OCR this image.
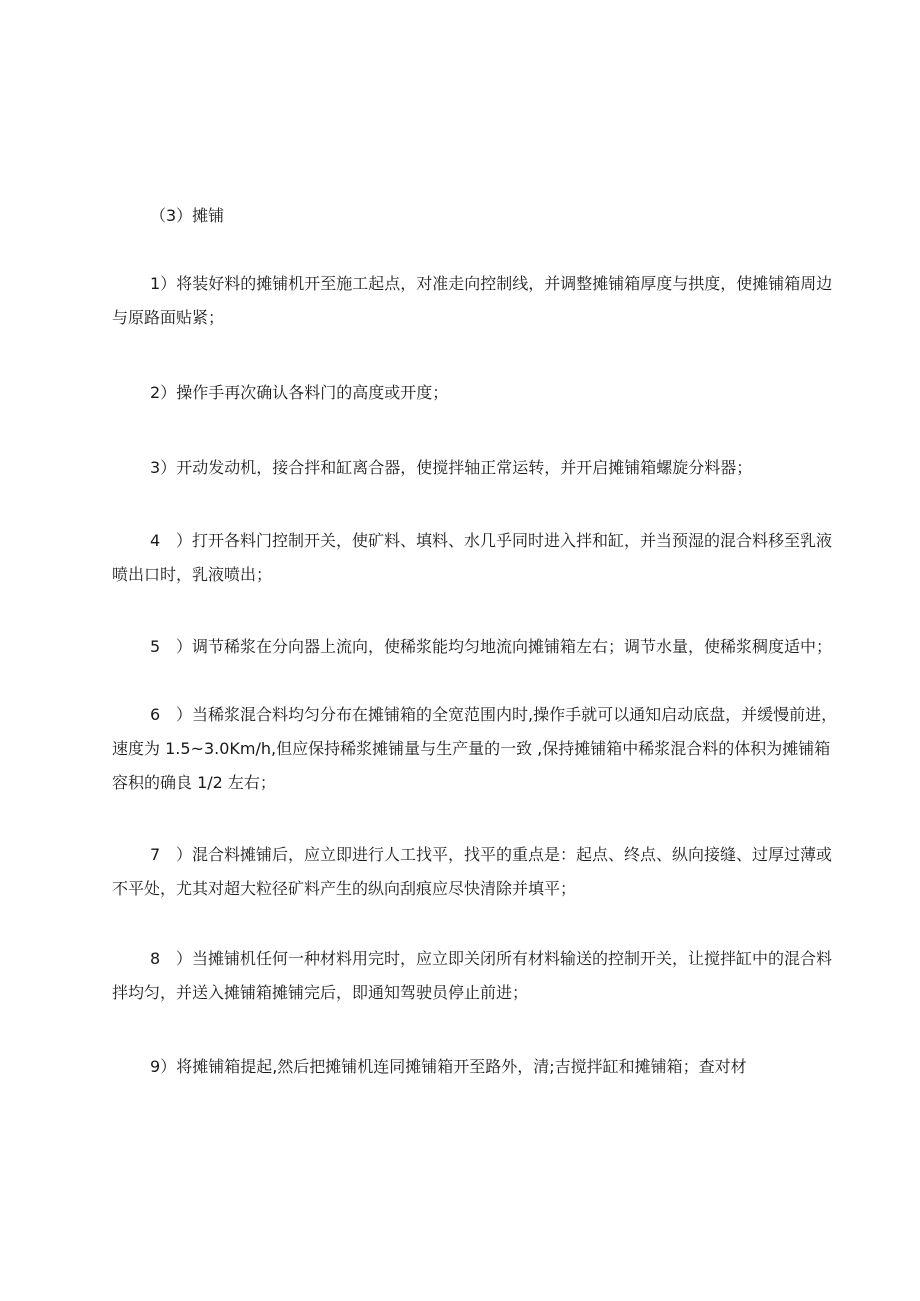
（3）摊铺
1）将装好料的摊铺机开至施工起点，对准走向控制线，并调整摊铺箱厚度与拱度，使摊铺箱周边
与原路面贴紧；
2）操作手再次确认各料门的高度或开度；
3）开动发动机，接合拌和缸离合器，使搅拌轴正常运转，并开启摊铺箱螺旋分料器；
4 ）打开各料门控制开关，使矿料、填料、水几乎同时进入拌和缸，并当预湿的混合料移至乳液
喷出口时，乳液喷出；
5 ）调节稀浆在分向器上流向，使稀浆能均匀地流向摊铺箱左右；调节水量，使稀浆稠度适中；
6 ）当稀浆混合料均匀分布在摊铺箱的全宽范围内时,操作手就可以通知启动底盘，并缓慢前进，
速度为 1.5~3.0Km/h,但应保持稀浆摊铺量与生产量的一致 ,保持摊铺箱中稀浆混合料的体积为摊铺箱
容积的确良 1/2 左右；
7 ）混合料摊铺后，应立即进行人工找平，找平的重点是：起点、终点、纵向接缝、过厚过薄或
不平处，尤其对超大粒径矿料产生的纵向刮痕应尽快清除并填平；
8 ）当摊铺机任何一种材料用完时，应立即关闭所有材料输送的控制开关，让搅拌缸中的混合料
拌均匀，并送入摊铺箱摊铺完后，即通知驾驶员停止前进；
9）将摊铺箱提起,然后把摊铺机连同摊铺箱开至路外，清;吉搅拌缸和摊铺箱；查对材
